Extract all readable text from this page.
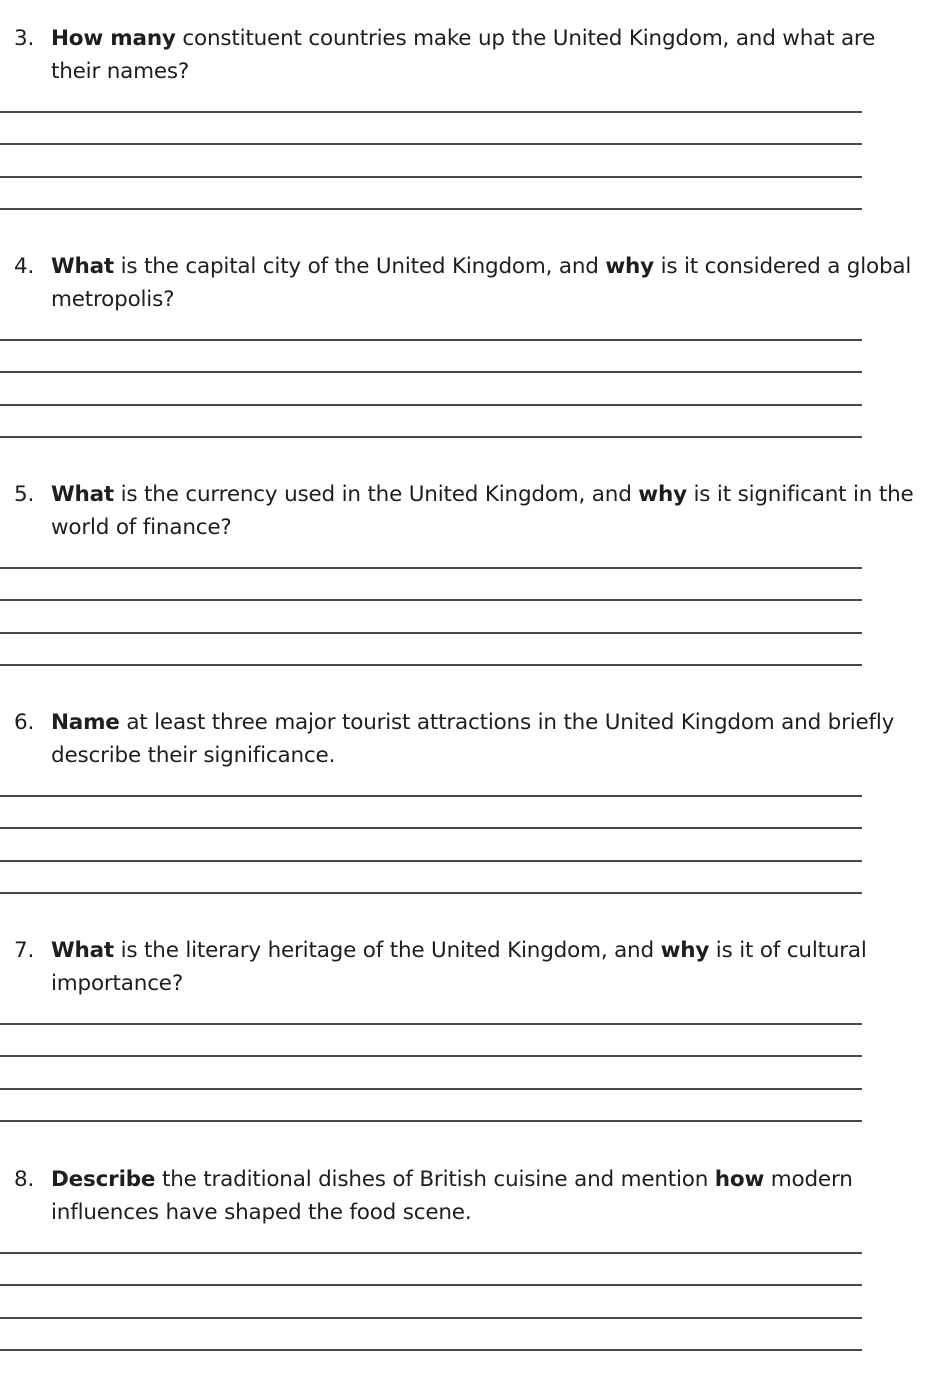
3. How many constituent countries make up the United Kingdom, and what are their names?
4. What is the capital city of the United Kingdom, and why is it considered a global metropolis?
5. What is the currency used in the United Kingdom, and why is it significant in the world of finance?
6. Name at least three major tourist attractions in the United Kingdom and briefly describe their significance.
7. What is the literary heritage of the United Kingdom, and why is it of cultural importance?
8. Describe the traditional dishes of British cuisine and mention how modern influences have shaped the food scene.
